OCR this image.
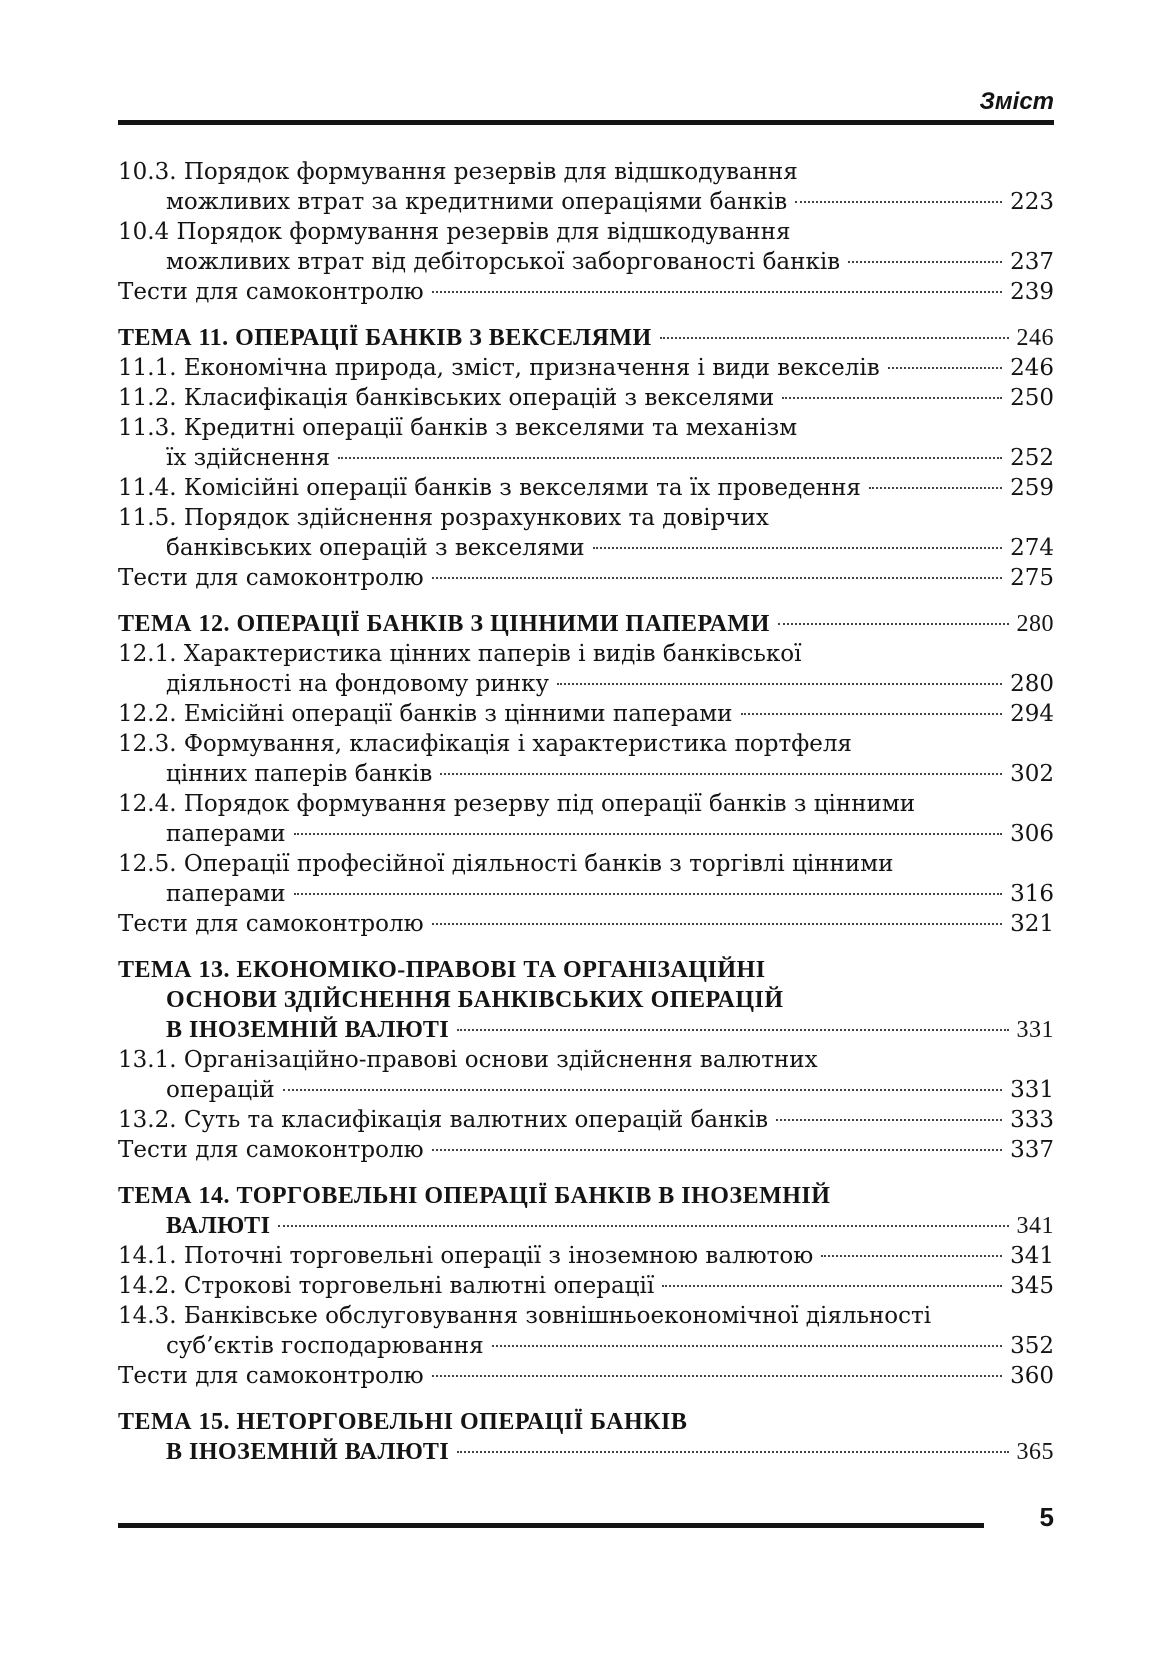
Зміст
10.3. Порядок формування резервів для відшкодування
можливих втрат за кредитними операціями банків	223
10.4 Порядок формування резервів для відшкодування
можливих втрат від дебіторської заборгованості банків	237
Тести для самоконтролю	239
ТЕМА 11. ОПЕРАЦІЇ БАНКІВ З ВЕКСЕЛЯМИ	246
11.1. Економічна природа, зміст, призначення і види векселів	246
11.2. Класифікація банківських операцій з векселями	250
11.3. Кредитні операції банків з векселями та механізм
їх здійснення	252
11.4. Комісійні операції банків з векселями та їх проведення	259
11.5. Порядок здійснення розрахункових та довірчих
банківських операцій з векселями	274
Тести для самоконтролю	275
ТЕМА 12. ОПЕРАЦІЇ БАНКІВ З ЦІННИМИ ПАПЕРАМИ	280
12.1. Характеристика цінних паперів і видів банківської
діяльності на фондовому ринку	280
12.2. Емісійні операції банків з цінними паперами	294
12.3. Формування, класифікація і характеристика портфеля
цінних паперів банків	302
12.4. Порядок формування резерву під операції банків з цінними
паперами	306
12.5. Операції професійної діяльності банків з торгівлі цінними
паперами	316
Тести для самоконтролю	321
ТЕМА 13. ЕКОНОМІКО-ПРАВОВІ ТА ОРГАНІЗАЦІЙНІ
ОСНОВИ ЗДІЙСНЕННЯ БАНКІВСЬКИХ ОПЕРАЦІЙ
В ІНОЗЕМНІЙ ВАЛЮТІ	331
13.1. Організаційно-правові основи здійснення валютних
операцій	331
13.2. Суть та класифікація валютних операцій банків	333
Тести для самоконтролю	337
ТЕМА 14. ТОРГОВЕЛЬНІ ОПЕРАЦІЇ БАНКІВ В ІНОЗЕМНІЙ
ВАЛЮТІ	341
14.1. Поточні торговельні операції з іноземною валютою	341
14.2. Строкові торговельні валютні операції	345
14.3. Банківське обслуговування зовнішньоекономічної діяльності
суб’єктів господарювання	352
Тести для самоконтролю	360
ТЕМА 15. НЕТОРГОВЕЛЬНІ ОПЕРАЦІЇ БАНКІВ
В ІНОЗЕМНІЙ ВАЛЮТІ	365
5
